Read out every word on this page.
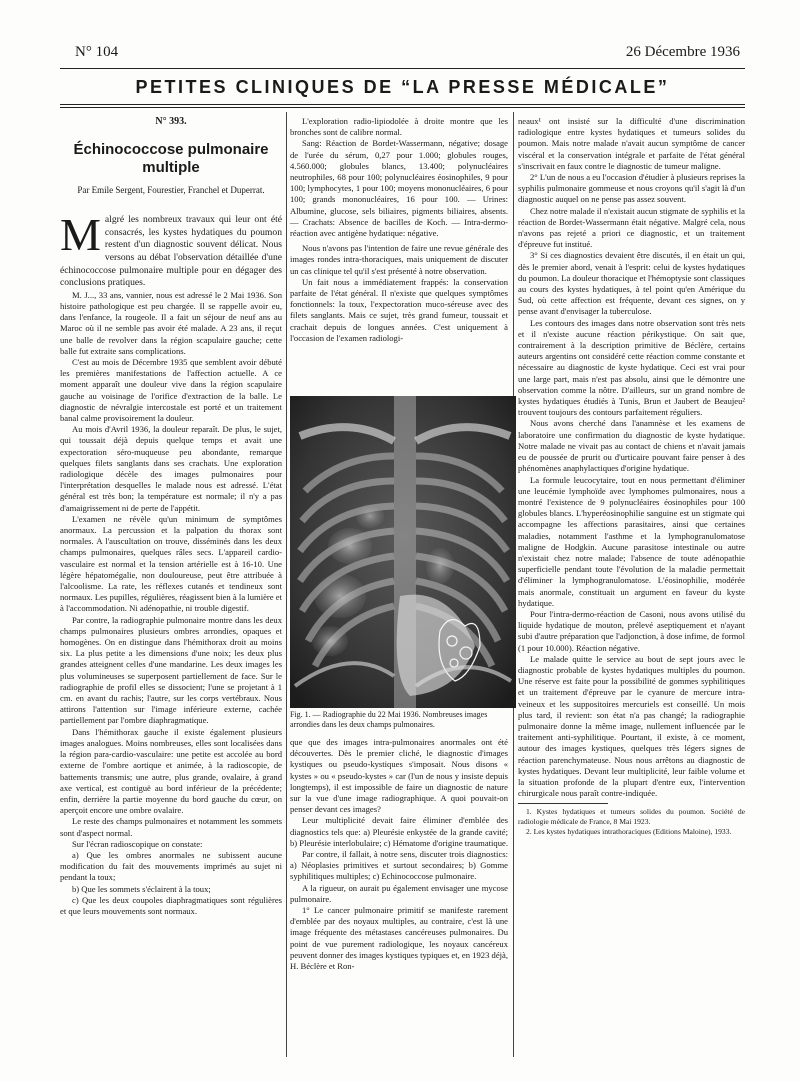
N° 104	26 Décembre 1936
PETITES CLINIQUES DE “LA PRESSE MÉDICALE”

N° 393.

Échinococcose pulmonaire multiple

Par Emile Sergent, Fourestier, Franchel et Duperrat.

Malgré les nombreux travaux qui leur ont été consacrés, les kystes hydatiques du poumon restent d'un diagnostic souvent délicat. Nous versons au débat l'observation détaillée d'une échinococcose pulmonaire multiple pour en dégager des conclusions pratiques.

M. J..., 33 ans, vannier, nous est adressé le 2 Mai 1936. Son histoire pathologique est peu chargée. Il se rappelle avoir eu, dans l'enfance, la rougeole. Il a fait un séjour de neuf ans au Maroc où il ne semble pas avoir été malade. A 23 ans, il reçut une balle de revolver dans la région scapulaire gauche; cette balle fut extraite sans complications.

C'est au mois de Décembre 1935 que semblent avoir débuté les premières manifestations de l'affection actuelle. A ce moment apparaît une douleur vive dans la région scapulaire gauche au voisinage de l'orifice d'extraction de la balle. Le diagnostic de névralgie intercostale est porté et un traitement banal calme provisoirement la douleur.

Au mois d'Avril 1936, la douleur reparaît. De plus, le sujet, qui toussait déjà depuis quelque temps et avait une expectoration séro-muqueuse peu abondante, remarque quelques filets sanglants dans ses crachats. Une exploration radiologique décèle des images pulmonaires pour l'interprétation desquelles le malade nous est adressé. L'état général est très bon; la température est normale; il n'y a pas d'amaigrissement ni de perte de l'appétit.

L'examen ne révèle qu'un minimum de symptômes anormaux. La percussion et la palpation du thorax sont normales. A l'auscultation on trouve, disséminés dans les deux champs pulmonaires, quelques râles secs. L'appareil cardio-vasculaire est normal et la tension artérielle est à 16-10. Une légère hépatomégalie, non douloureuse, peut être attribuée à l'alcoolisme. La rate, les réflexes cutanés et tendineux sont normaux. Les pupilles, régulières, réagissent bien à la lumière et à l'accommodation. Ni adénopathie, ni trouble digestif.

Par contre, la radiographie pulmonaire montre dans les deux champs pulmonaires plusieurs ombres arrondies, opaques et homogènes. On en distingue dans l'hémithorax droit au moins six. La plus petite a les dimensions d'une noix; les deux plus grandes atteignent celles d'une mandarine. Les deux images les plus volumineuses se superposent partiellement de face. Sur le radiographie de profil elles se dissocient; l'une se projetant à 1 cm. en avant du rachis; l'autre, sur les corps vertébraux. Nous attirons l'attention sur l'image inférieure externe, cachée partiellement par l'ombre diaphragmatique.

Dans l'hémithorax gauche il existe également plusieurs images analogues. Moins nombreuses, elles sont localisées dans la région para-cardio-vasculaire: une petite est accolée au bord externe de l'ombre aortique et animée, à la radioscopie, de battements transmis; une autre, plus grande, ovalaire, à grand axe vertical, est contiguë au bord inférieur de la précédente; enfin, derrière la partie moyenne du bord gauche du cœur, on aperçoit encore une ombre ovalaire.

Le reste des champs pulmonaires et notamment les sommets sont d'aspect normal.

Sur l'écran radioscopique on constate:

a) Que les ombres anormales ne subissent aucune modification du fait des mouvements imprimés au sujet ni pendant la toux;

b) Que les sommets s'éclairent à la toux;

c) Que les deux coupoles diaphragmatiques sont régulières et que leurs mouvements sont normaux.

L'exploration radio-lipiodolée à droite montre que les bronches sont de calibre normal.

Sang: Réaction de Bordet-Wassermann, négative; dosage de l'urée du sérum, 0,27 pour 1.000; globules rouges, 4.560.000; globules blancs, 13.400; polynucléaires neutrophiles, 68 pour 100; polynucléaires éosinophiles, 9 pour 100; lymphocytes, 1 pour 100; moyens mononucléaires, 6 pour 100; grands mononucléaires, 16 pour 100. — Urines: Albumine, glucose, sels biliaires, pigments biliaires, absents. — Crachats: Absence de bacilles de Koch. — Intra-dermo-réaction avec antigène hydatique: négative.

Nous n'avons pas l'intention de faire une revue générale des images rondes intra-thoraciques, mais uniquement de discuter un cas clinique tel qu'il s'est présenté à notre observation.

Un fait nous a immédiatement frappés: la conservation parfaite de l'état général. Il n'existe que quelques symptômes fonctionnels: la toux, l'expectoration muco-séreuse avec des filets sanglants. Mais ce sujet, très grand fumeur, toussait et crachait depuis de longues années. C'est uniquement à l'occasion de l'examen radiologi-

Fig. 1. — Radiographie du 22 Mai 1936. Nombreuses images arrondies dans les deux champs pulmonaires.

que que des images intra-pulmonaires anormales ont été découvertes. Dès le premier cliché, le diagnostic d'images kystiques ou pseudo-kystiques s'imposait. Nous disons « kystes » ou « pseudo-kystes » car (l'un de nous y insiste depuis longtemps), il est impossible de faire un diagnostic de nature sur la vue d'une image radiographique. A quoi pouvait-on penser devant ces images?

Leur multiplicité devait faire éliminer d'emblée des diagnostics tels que: a) Pleurésie enkystée de la grande cavité; b) Pleurésie interlobulaire; c) Hématome d'origine traumatique.

Par contre, il fallait, à notre sens, discuter trois diagnostics: a) Néoplasies primitives et surtout secondaires; b) Gomme syphilitiques multiples; c) Echinococcose pulmonaire.

A la rigueur, on aurait pu également envisager une mycose pulmonaire.

1° Le cancer pulmonaire primitif se manifeste rarement d'emblée par des noyaux multiples, au contraire, c'est là une image fréquente des métastases cancéreuses pulmonaires. Du point de vue purement radiologique, les noyaux cancéreux peuvent donner des images kystiques typiques et, en 1923 déjà, H. Béclère et Ron-

neaux¹ ont insisté sur la difficulté d'une discrimination radiologique entre kystes hydatiques et tumeurs solides du poumon. Mais notre malade n'avait aucun symptôme de cancer viscéral et la conservation intégrale et parfaite de l'état général s'inscrivait en faux contre le diagnostic de tumeur maligne.

2° L'un de nous a eu l'occasion d'étudier à plusieurs reprises la syphilis pulmonaire gommeuse et nous croyons qu'il s'agit là d'un diagnostic auquel on ne pense pas assez souvent.

Chez notre malade il n'existait aucun stigmate de syphilis et la réaction de Bordet-Wassermann était négative. Malgré cela, nous n'avons pas rejeté a priori ce diagnostic, et un traitement d'épreuve fut institué.

3° Si ces diagnostics devaient être discutés, il en était un qui, dès le premier abord, venait à l'esprit: celui de kystes hydatiques du poumon. La douleur thoracique et l'hémoptysie sont classiques au cours des kystes hydatiques, à tel point qu'en Amérique du Sud, où cette affection est fréquente, devant ces signes, on y pense avant d'envisager la tuberculose.

Les contours des images dans notre observation sont très nets et il n'existe aucune réaction périkystique. On sait que, contrairement à la description primitive de Béclère, certains auteurs argentins ont considéré cette réaction comme constante et nécessaire au diagnostic de kyste hydatique. Ceci est vrai pour une large part, mais n'est pas absolu, ainsi que le démontre une observation comme la nôtre. D'ailleurs, sur un grand nombre de kystes hydatiques étudiés à Tunis, Brun et Jaubert de Beaujeu² trouvent toujours des contours parfaitement réguliers.

Nous avons cherché dans l'anamnèse et les examens de laboratoire une confirmation du diagnostic de kyste hydatique. Notre malade ne vivait pas au contact de chiens et n'avait jamais eu de poussée de prurit ou d'urticaire pouvant faire penser à des phénomènes anaphylactiques d'origine hydatique.

La formule leucocytaire, tout en nous permettant d'éliminer une leucémie lymphoïde avec lymphomes pulmonaires, nous a montré l'existence de 9 polynucléaires éosinophiles pour 100 globules blancs. L'hyperéosinophilie sanguine est un stigmate qui accompagne les affections parasitaires, ainsi que certaines maladies, notamment l'asthme et la lymphogranulomatose maligne de Hodgkin. Aucune parasitose intestinale ou autre n'existait chez notre malade; l'absence de toute adénopathie superficielle pendant toute l'évolution de la maladie permettait d'éliminer la lymphogranulomatose. L'éosinophilie, modérée mais anormale, constituait un argument en faveur du kyste hydatique.

Pour l'intra-dermo-réaction de Casoni, nous avons utilisé du liquide hydatique de mouton, prélevé aseptiquement et n'ayant subi d'autre préparation que l'adjonction, à dose infime, de formol (1 pour 10.000). Réaction négative.

Le malade quitte le service au bout de sept jours avec le diagnostic probable de kystes hydatiques multiples du poumon. Une réserve est faite pour la possibilité de gommes syphilitiques et un traitement d'épreuve par le cyanure de mercure intra-veineux et les suppositoires mercuriels est conseillé. Un mois plus tard, il revient: son état n'a pas changé; la radiographie pulmonaire donne la même image, nullement influencée par le traitement anti-syphilitique. Pourtant, il existe, à ce moment, autour des images kystiques, quelques très légers signes de réaction parenchymateuse. Nous nous arrêtons au diagnostic de kystes hydatiques. Devant leur multiplicité, leur faible volume et la situation profonde de la plupart d'entre eux, l'intervention chirurgicale nous paraît contre-indiquée.

1. Kystes hydatiques et tumeurs solides du poumon. Société de radiologie médicale de France, 8 Mai 1923.

2. Les kystes hydatiques intrathoraciques (Editions Maloine), 1933.
